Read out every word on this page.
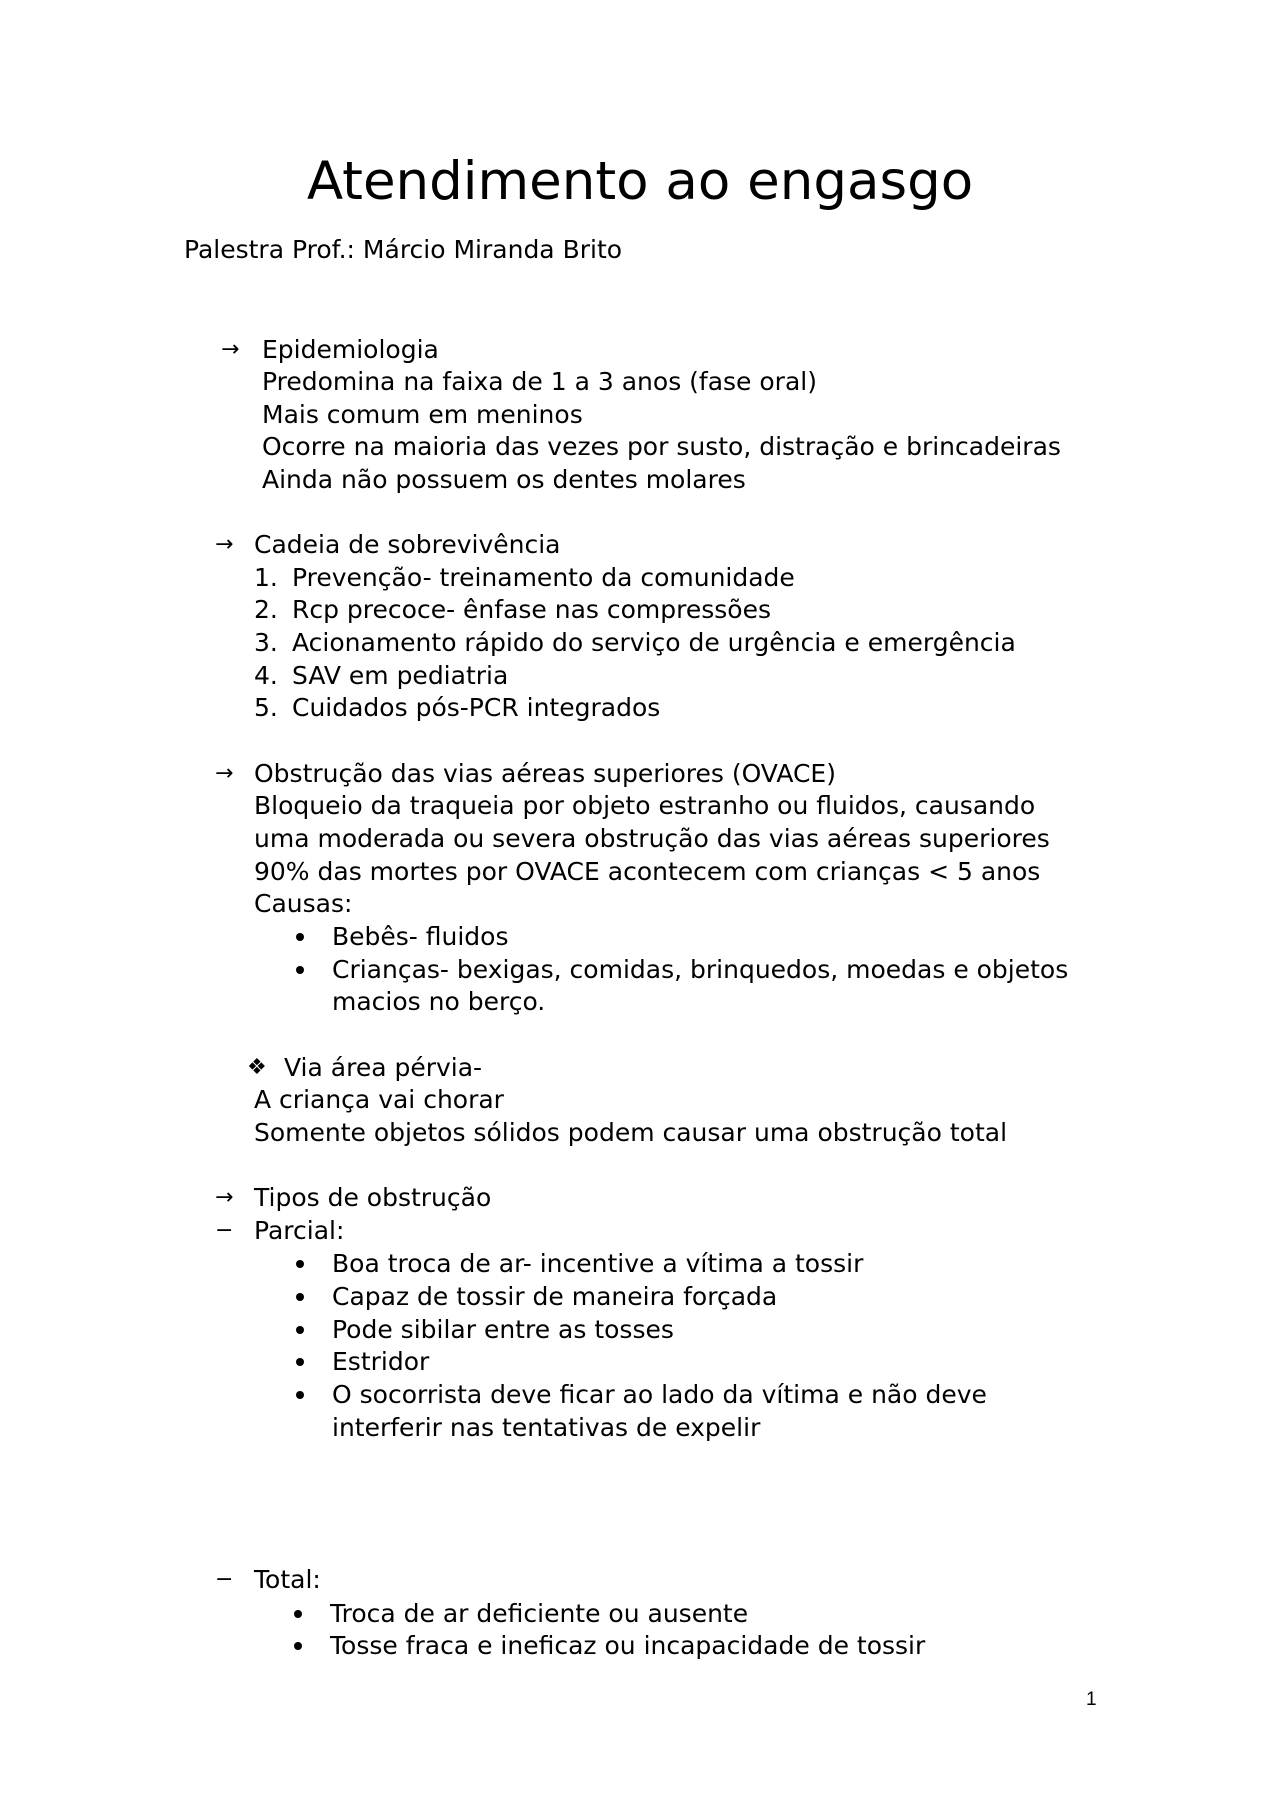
Atendimento ao engasgo

Palestra Prof.: Márcio Miranda Brito

→ Epidemiologia

Predomina na faixa de 1 a 3 anos (fase oral)

Mais comum em meninos

Ocorre na maioria das vezes por susto, distração e brincadeiras

Ainda não possuem os dentes molares

→ Cadeia de sobrevivência

1. Prevenção- treinamento da comunidade

2. Rcp precoce- ênfase nas compressões

3. Acionamento rápido do serviço de urgência e emergência

4. SAV em pediatria

5. Cuidados pós-PCR integrados

→ Obstrução das vias aéreas superiores (OVACE)

Bloqueio da traqueia por objeto estranho ou fluidos, causando

uma moderada ou severa obstrução das vias aéreas superiores

90% das mortes por OVACE acontecem com crianças < 5 anos

Causas:

Bebês- fluidos

Crianças- bexigas, comidas, brinquedos, moedas e objetos

macios no berço.

❖ Via área pérvia-

A criança vai chorar

Somente objetos sólidos podem causar uma obstrução total

→ Tipos de obstrução

− Parcial:

Boa troca de ar- incentive a vítima a tossir

Capaz de tossir de maneira forçada

Pode sibilar entre as tosses

Estridor

O socorrista deve ficar ao lado da vítima e não deve

interferir nas tentativas de expelir

− Total:

Troca de ar deficiente ou ausente

Tosse fraca e ineficaz ou incapacidade de tossir

1
